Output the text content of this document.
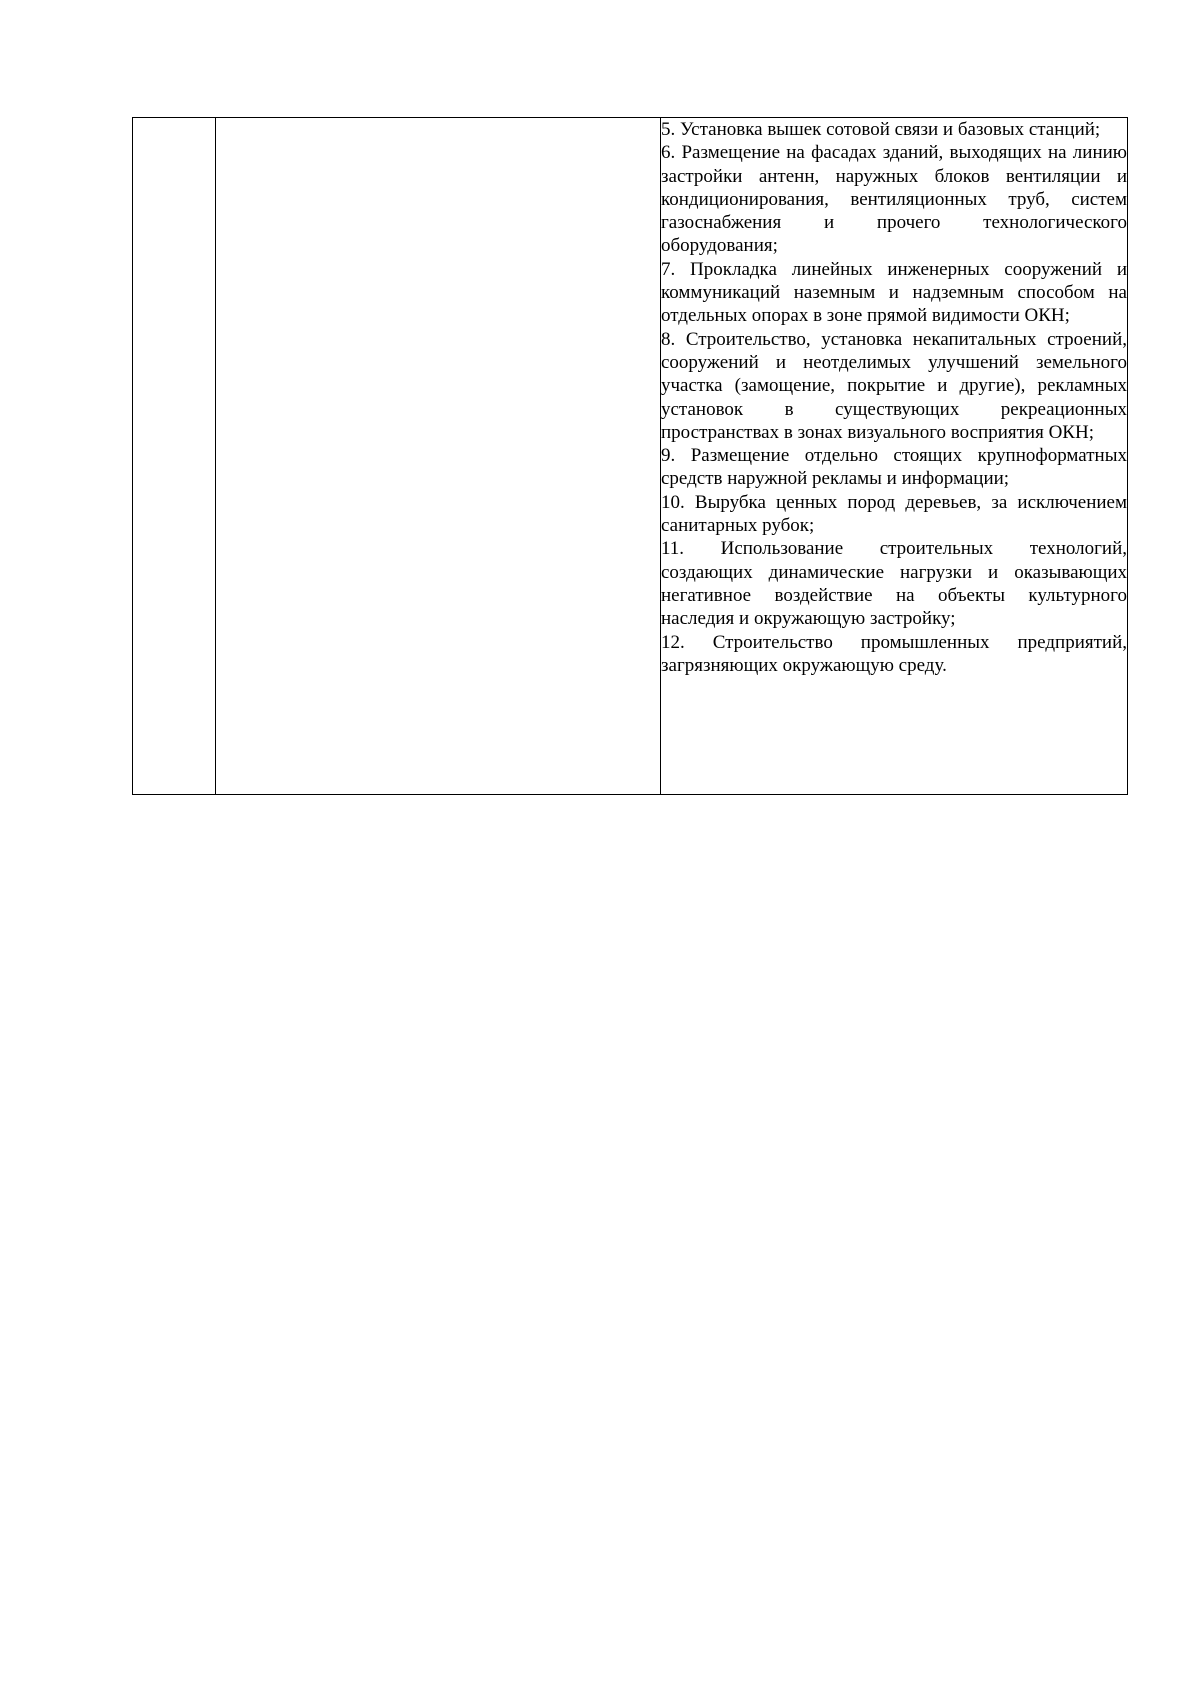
5. Установка вышек сотовой связи и базовых станций;

6. Размещение на фасадах зданий, выходящих на линию застройки антенн, наружных блоков вентиляции и кондиционирования, вентиляционных труб, систем газоснабжения и прочего технологического оборудования;

7. Прокладка линейных инженерных сооружений и коммуникаций наземным и надземным способом на отдельных опорах в зоне прямой видимости ОКН;

8. Строительство, установка некапитальных строений, сооружений и неотделимых улучшений земельного участка (замощение, покрытие и другие), рекламных установок в существующих рекреационных пространствах в зонах визуального восприятия ОКН;

9. Размещение отдельно стоящих крупноформатных средств наружной рекламы и информации;

10. Вырубка ценных пород деревьев, за исключением санитарных рубок;

11. Использование строительных технологий, создающих динамические нагрузки и оказывающих негативное воздействие на объекты культурного наследия и окружающую застройку;

12. Строительство промышленных предприятий, загрязняющих окружающую среду.
